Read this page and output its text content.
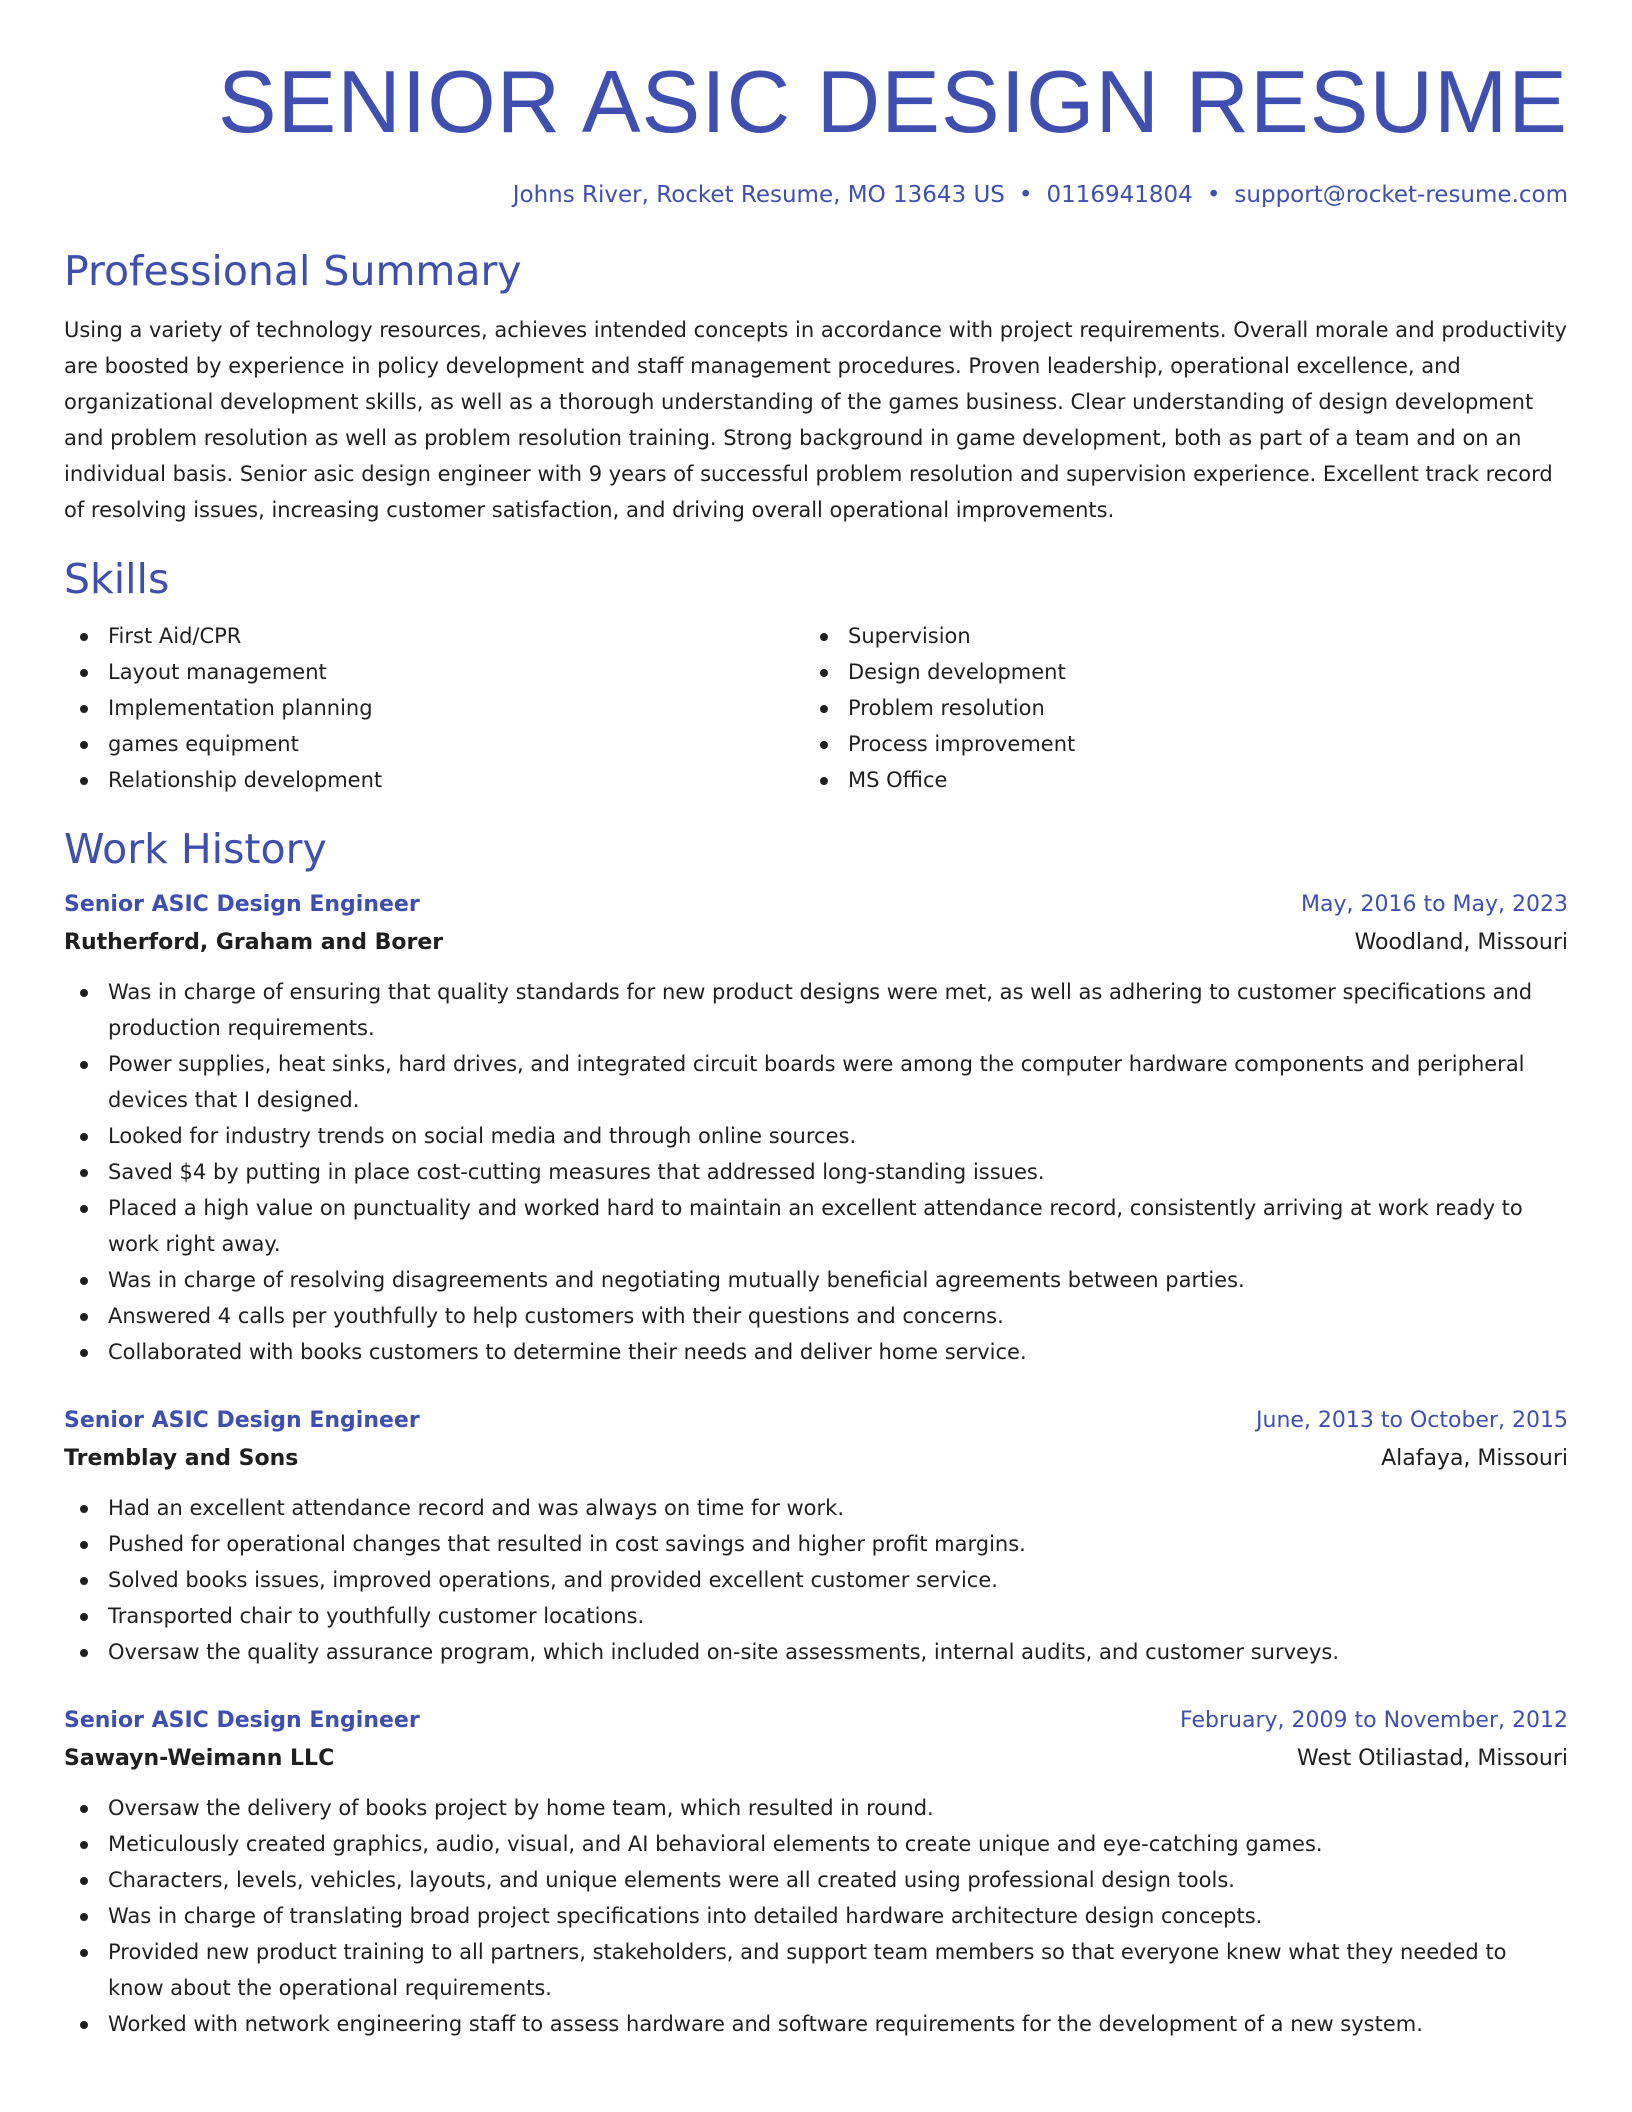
SENIOR ASIC DESIGN RESUME
Johns River, Rocket Resume, MO 13643 US • 0116941804 • support@rocket-resume.com
Professional Summary
Using a variety of technology resources, achieves intended concepts in accordance with project requirements. Overall morale and productivity are boosted by experience in policy development and staff management procedures. Proven leadership, operational excellence, and organizational development skills, as well as a thorough understanding of the games business. Clear understanding of design development and problem resolution as well as problem resolution training. Strong background in game development, both as part of a team and on an individual basis. Senior asic design engineer with 9 years of successful problem resolution and supervision experience. Excellent track record of resolving issues, increasing customer satisfaction, and driving overall operational improvements.
Skills
First Aid/CPR
Layout management
Implementation planning
games equipment
Relationship development
Supervision
Design development
Problem resolution
Process improvement
MS Office
Work History
Senior ASIC Design Engineer	May, 2016 to May, 2023
Rutherford, Graham and Borer	Woodland, Missouri
Was in charge of ensuring that quality standards for new product designs were met, as well as adhering to customer specifications and production requirements.
Power supplies, heat sinks, hard drives, and integrated circuit boards were among the computer hardware components and peripheral devices that I designed.
Looked for industry trends on social media and through online sources.
Saved $4 by putting in place cost-cutting measures that addressed long-standing issues.
Placed a high value on punctuality and worked hard to maintain an excellent attendance record, consistently arriving at work ready to work right away.
Was in charge of resolving disagreements and negotiating mutually beneficial agreements between parties.
Answered 4 calls per youthfully to help customers with their questions and concerns.
Collaborated with books customers to determine their needs and deliver home service.
Senior ASIC Design Engineer	June, 2013 to October, 2015
Tremblay and Sons	Alafaya, Missouri
Had an excellent attendance record and was always on time for work.
Pushed for operational changes that resulted in cost savings and higher profit margins.
Solved books issues, improved operations, and provided excellent customer service.
Transported chair to youthfully customer locations.
Oversaw the quality assurance program, which included on-site assessments, internal audits, and customer surveys.
Senior ASIC Design Engineer	February, 2009 to November, 2012
Sawayn-Weimann LLC	West Otiliastad, Missouri
Oversaw the delivery of books project by home team, which resulted in round.
Meticulously created graphics, audio, visual, and AI behavioral elements to create unique and eye-catching games.
Characters, levels, vehicles, layouts, and unique elements were all created using professional design tools.
Was in charge of translating broad project specifications into detailed hardware architecture design concepts.
Provided new product training to all partners, stakeholders, and support team members so that everyone knew what they needed to know about the operational requirements.
Worked with network engineering staff to assess hardware and software requirements for the development of a new system.
